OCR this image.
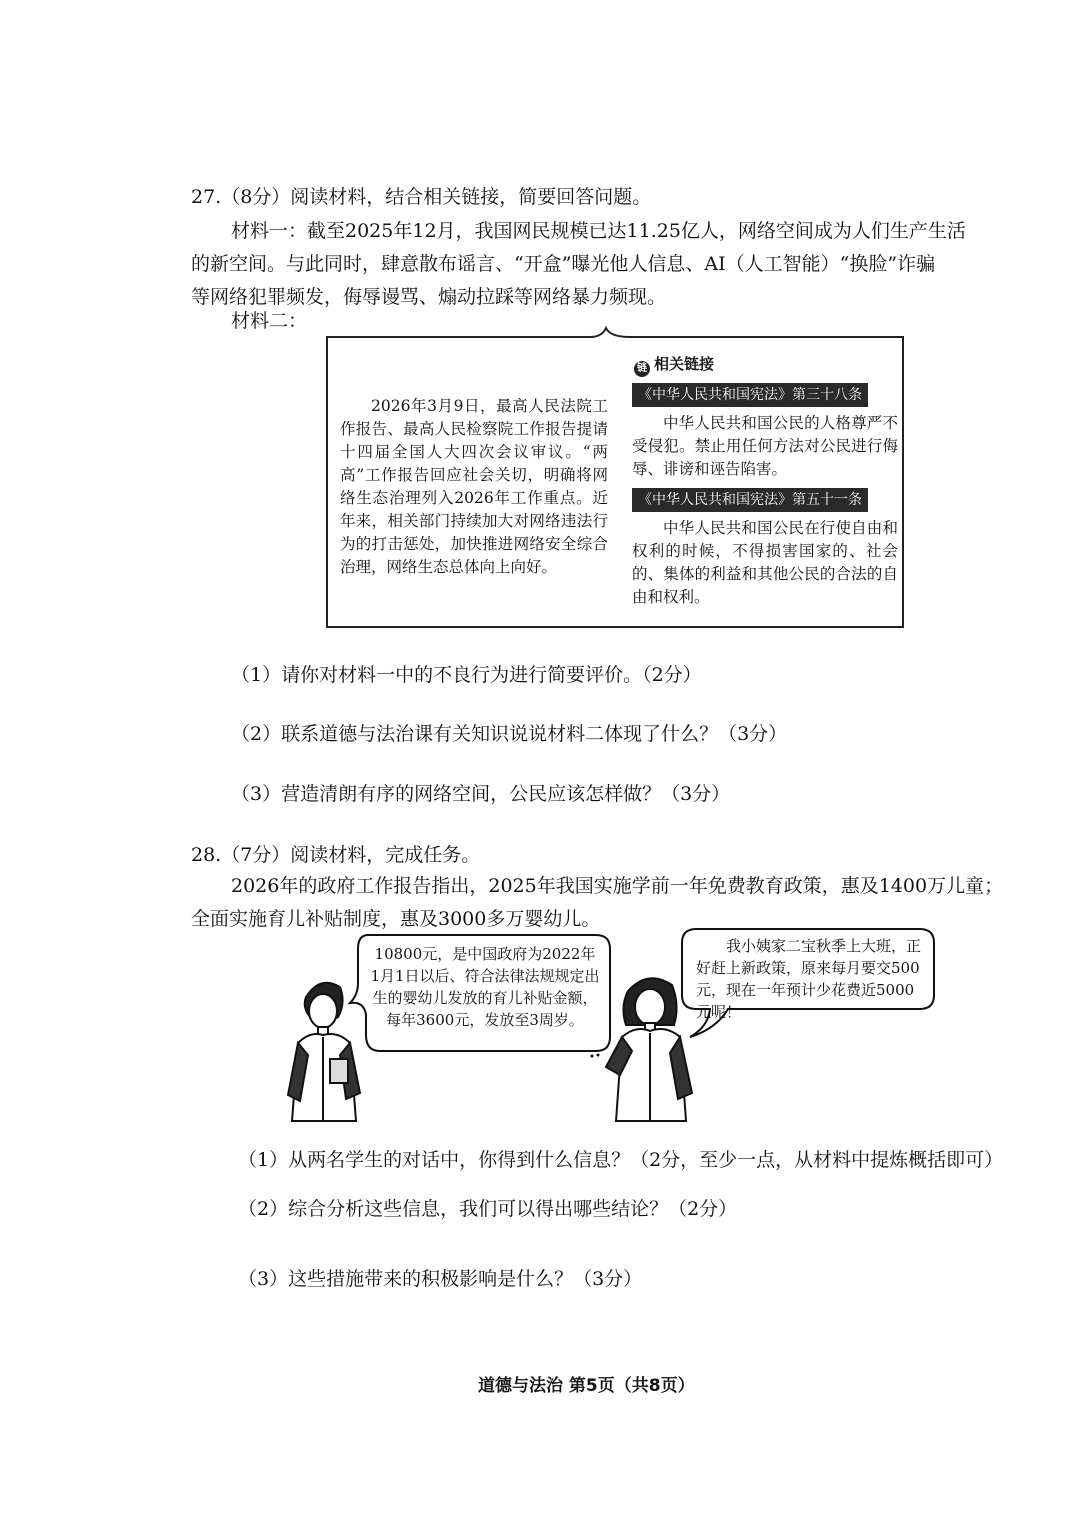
27.（8分）阅读材料，结合相关链接，简要回答问题。
材料一：截至2025年12月，我国网民规模已达11.25亿人，网络空间成为人们生产生活
的新空间。与此同时，肆意散布谣言、“开盒”曝光他人信息、AI（人工智能）“换脸”诈骗
等网络犯罪频发，侮辱谩骂、煽动拉踩等网络暴力频现。
材料二：
2026年3月9日，最高人民法院工作报告、最高人民检察院工作报告提请十四届全国人大四次会议审议。“两高”工作报告回应社会关切，明确将网络生态治理列入2026年工作重点。近年来，相关部门持续加大对网络违法行为的打击惩处，加快推进网络安全综合治理，网络生态总体向上向好。
链 相关链接
《中华人民共和国宪法》第三十八条
中华人民共和国公民的人格尊严不受侵犯。禁止用任何方法对公民进行侮辱、诽谤和诬告陷害。
《中华人民共和国宪法》第五十一条
中华人民共和国公民在行使自由和权利的时候，不得损害国家的、社会的、集体的利益和其他公民的合法的自由和权利。
（1）请你对材料一中的不良行为进行简要评价。（2分）
（2）联系道德与法治课有关知识说说材料二体现了什么？（3分）
（3）营造清朗有序的网络空间，公民应该怎样做？（3分）
28.（7分）阅读材料，完成任务。
2026年的政府工作报告指出，2025年我国实施学前一年免费教育政策，惠及1400万儿童；
全面实施育儿补贴制度，惠及3000多万婴幼儿。
10800元，是中国政府为2022年1月1日以后、符合法律法规规定出生的婴幼儿发放的育儿补贴金额，每年3600元，发放至3周岁。
我小姨家二宝秋季上大班，正好赶上新政策，原来每月要交500元，现在一年预计少花费近5000元呢！
（1）从两名学生的对话中，你得到什么信息？（2分，至少一点，从材料中提炼概括即可）
（2）综合分析这些信息，我们可以得出哪些结论？（2分）
（3）这些措施带来的积极影响是什么？（3分）
道德与法治 第5页（共8页）
